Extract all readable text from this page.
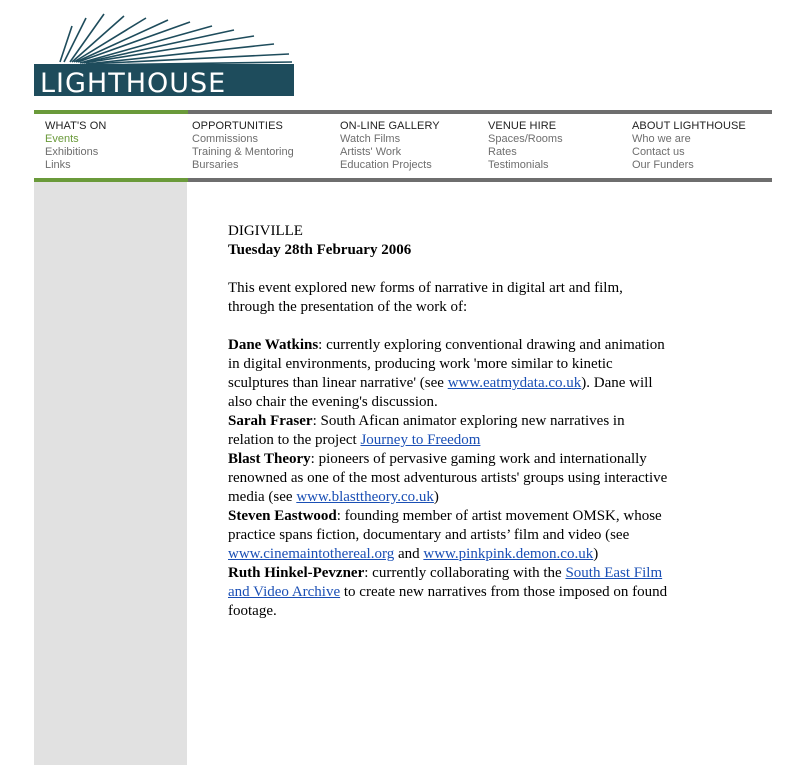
LIGHTHOUSE
WHAT'S ON
Events
Exhibitions
Links
OPPORTUNITIES
Commissions
Training & Mentoring
Bursaries
ON-LINE GALLERY
Watch Films
Artists' Work
Education Projects
VENUE HIRE
Spaces/Rooms
Rates
Testimonials
ABOUT LIGHTHOUSE
Who we are
Contact us
Our Funders

DIGIVILLE

Tuesday 28th February 2006

This event explored new forms of narrative in digital art and film, through the presentation of the work of:

Dane Watkins: currently exploring conventional drawing and animation in digital environments, producing work 'more similar to kinetic sculptures than linear narrative' (see www.eatmydata.co.uk). Dane will also chair the evening's discussion.

Sarah Fraser: South Afican animator exploring new narratives in relation to the project Journey to Freedom

Blast Theory: pioneers of pervasive gaming work and internationally renowned as one of the most adventurous artists' groups using interactive media (see www.blasttheory.co.uk)

Steven Eastwood: founding member of artist movement OMSK, whose practice spans fiction, documentary and artists’ film and video (see www.cinemaintothereal.org and www.pinkpink.demon.co.uk)

Ruth Hinkel-Pevzner: currently collaborating with the South East Film and Video Archive to create new narratives from those imposed on found footage.
